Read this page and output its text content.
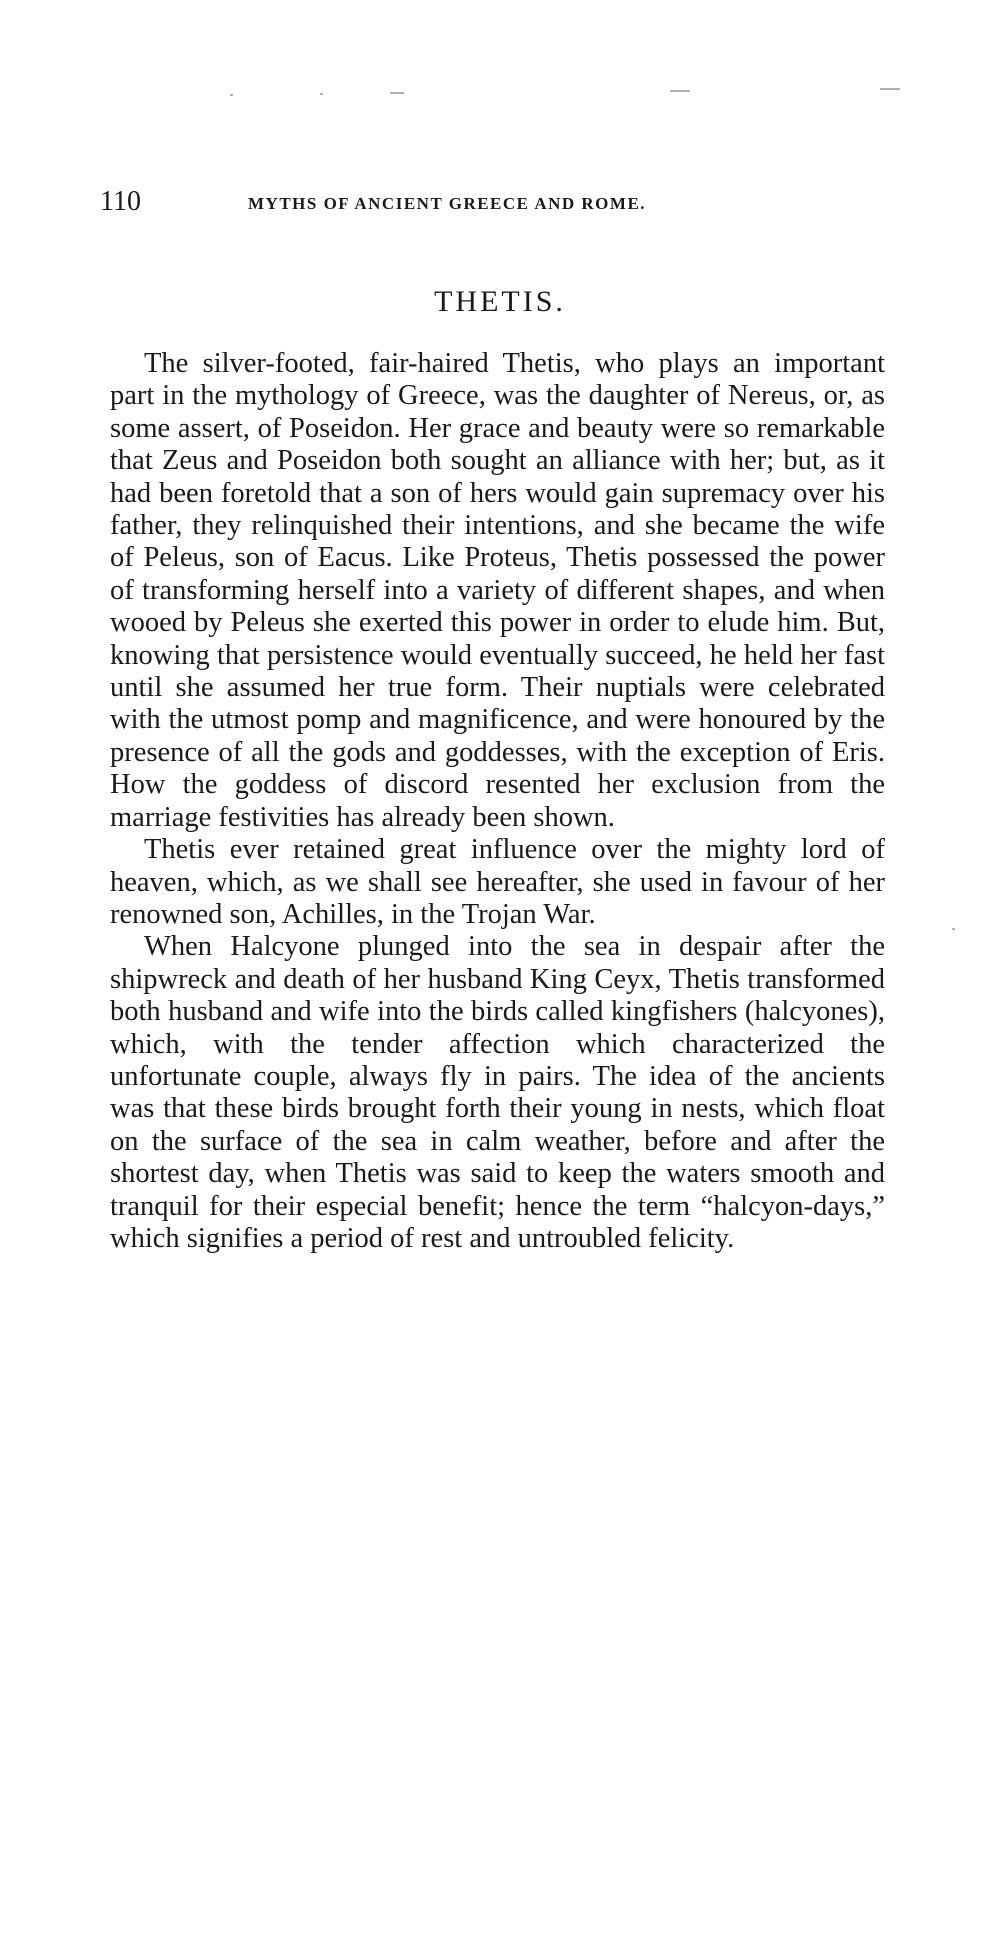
110	MYTHS OF ANCIENT GREECE AND ROME.
THETIS.

The silver-footed, fair-haired Thetis, who plays an important part in the mythology of Greece, was the daughter of Nereus, or, as some assert, of Poseidon. Her grace and beauty were so remarkable that Zeus and Poseidon both sought an alliance with her; but, as it had been foretold that a son of hers would gain supremacy over his father, they relinquished their intentions, and she became the wife of Peleus, son of Eacus. Like Proteus, Thetis possessed the power of transforming herself into a variety of different shapes, and when wooed by Peleus she exerted this power in order to elude him. But, knowing that persistence would eventually succeed, he held her fast until she assumed her true form. Their nuptials were celebrated with the utmost pomp and magnificence, and were honoured by the presence of all the gods and goddesses, with the exception of Eris. How the goddess of discord resented her exclusion from the marriage festivities has already been shown.

Thetis ever retained great influence over the mighty lord of heaven, which, as we shall see hereafter, she used in favour of her renowned son, Achilles, in the Trojan War.

When Halcyone plunged into the sea in despair after the shipwreck and death of her husband King Ceyx, Thetis transformed both husband and wife into the birds called kingfishers (halcyones), which, with the tender affection which characterized the unfortunate couple, always fly in pairs. The idea of the ancients was that these birds brought forth their young in nests, which float on the surface of the sea in calm weather, before and after the shortest day, when Thetis was said to keep the waters smooth and tranquil for their especial benefit; hence the term “halcyon-days,” which signifies a period of rest and untroubled felicity.
